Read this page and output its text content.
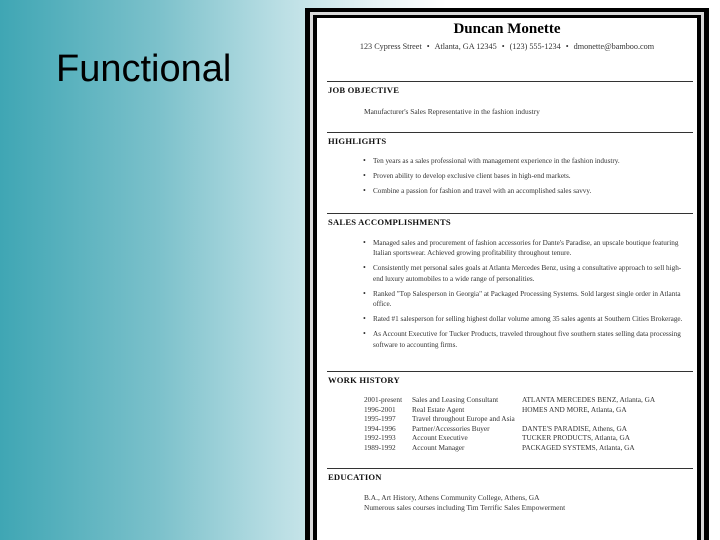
Functional
Duncan Monette
123 Cypress Street • Atlanta, GA 12345 • (123) 555-1234 • dmonette@bamboo.com
JOB OBJECTIVE
Manufacturer's Sales Representative in the fashion industry
HIGHLIGHTS
• Ten years as a sales professional with management experience in the fashion industry.
• Proven ability to develop exclusive client bases in high-end markets.
• Combine a passion for fashion and travel with an accomplished sales savvy.
SALES ACCOMPLISHMENTS
• Managed sales and procurement of fashion accessories for Dante's Paradise, an upscale boutique featuring Italian sportswear. Achieved growing profitability throughout tenure.
• Consistently met personal sales goals at Atlanta Mercedes Benz, using a consultative approach to sell high-end luxury automobiles to a wide range of personalities.
• Ranked "Top Salesperson in Georgia" at Packaged Processing Systems. Sold largest single order in Atlanta office.
• Rated #1 salesperson for selling highest dollar volume among 35 sales agents at Southern Cities Brokerage.
• As Account Executive for Tucker Products, traveled throughout five southern states selling data processing software to accounting firms.
WORK HISTORY
2001-present	Sales and Leasing Consultant	ATLANTA MERCEDES BENZ, Atlanta, GA
1996-2001	Real Estate Agent	HOMES AND MORE, Atlanta, GA
1995-1997	Travel throughout Europe and Asia	
1994-1996	Partner/Accessories Buyer	DANTE'S PARADISE, Athens, GA
1992-1993	Account Executive	TUCKER PRODUCTS, Atlanta, GA
1989-1992	Account Manager	PACKAGED SYSTEMS, Atlanta, GA
EDUCATION
B.A., Art History, Athens Community College, Athens, GA
Numerous sales courses including Tim Terrific Sales Empowerment
